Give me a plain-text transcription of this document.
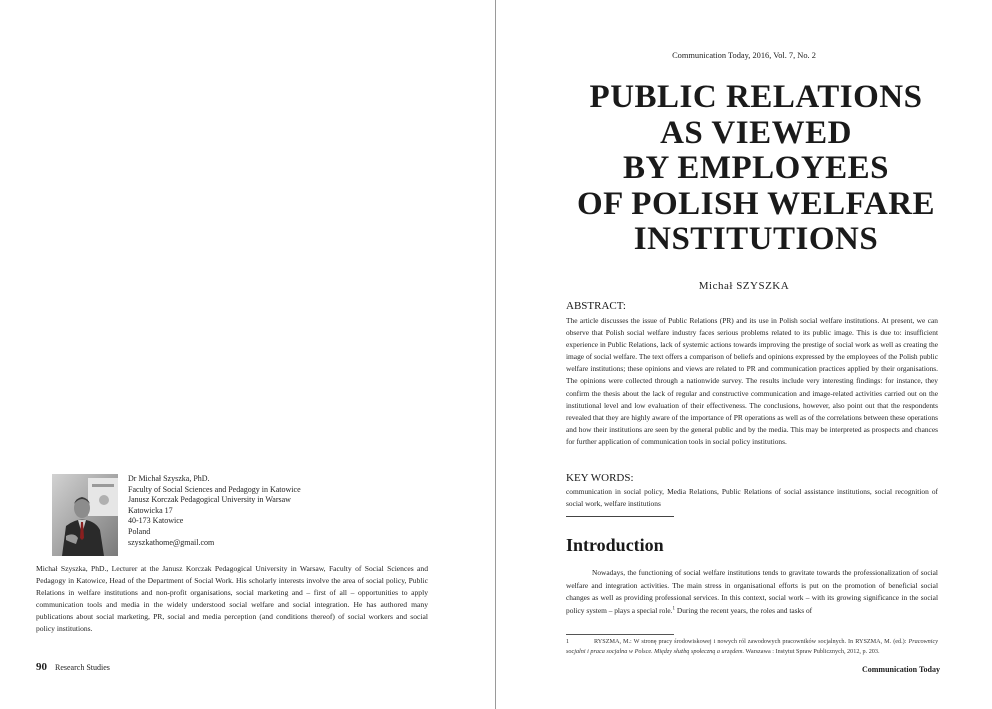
Dr Michał Szyszka, PhD.
Faculty of Social Sciences and Pedagogy in Katowice
Janusz Korczak Pedagogical University in Warsaw
Katowicka 17
40-173 Katowice
Poland
szyszkathome@gmail.com

Michał Szyszka, PhD., Lecturer at the Janusz Korczak Pedagogical University in Warsaw, Faculty of Social Sciences and Pedagogy in Katowice, Head of the Department of Social Work. His scholarly interests involve the area of social policy, Public Relations in welfare institutions and non-profit organisations, social marketing and – first of all – opportunities to apply communication tools and media in the widely understood social welfare and social integration. He has authored many publications about social marketing, PR, social and media perception (and conditions thereof) of social workers and social policy institutions.

90 Research Studies
Communication Today, 2016, Vol. 7, No. 2
PUBLIC RELATIONS
AS VIEWED
BY EMPLOYEES
OF POLISH WELFARE
INSTITUTIONS
Michał SZYSZKA
ABSTRACT:

The article discusses the issue of Public Relations (PR) and its use in Polish social welfare institutions. At present, we can observe that Polish social welfare industry faces serious problems related to its public image. This is due to: insufficient experience in Public Relations, lack of systemic actions towards improving the prestige of social work as well as creating the image of social welfare. The text offers a comparison of beliefs and opinions expressed by the employees of the Polish public welfare institutions; these opinions and views are related to PR and communication practices applied by their organisations. The opinions were collected through a nationwide survey. The results include very interesting findings: for instance, they confirm the thesis about the lack of regular and constructive communication and image-related activities carried out on the institutional level and low evaluation of their effectiveness. The conclusions, however, also point out that the respondents revealed that they are highly aware of the importance of PR operations as well as of the correlations between these operations and how their institutions are seen by the general public and by the media. This may be interpreted as prospects and chances for further application of communication tools in social policy institutions.

KEY WORDS:

communication in social policy, Media Relations, Public Relations of social assistance institutions, social recognition of social work, welfare institutions

Introduction

Nowadays, the functioning of social welfare institutions tends to gravitate towards the professionalization of social welfare and integration activities. The main stress in organisational efforts is put on the promotion of beneficial social changes as well as providing professional services. In this context, social work – with its growing significance in the social policy system – plays a special role.$^1$ During the recent years, the roles and tasks of

1	RYSZMA, M.: W stronę pracy środowiskowej i nowych ról zawodowych pracowników socjalnych. In RYSZMA, M. (ed.): Pracownicy socjalni i praca socjalna w Polsce. Między służbą społeczną a urzędem. Warszawa : Instytut Spraw Publicznych, 2012, p. 203.

Communication Today
